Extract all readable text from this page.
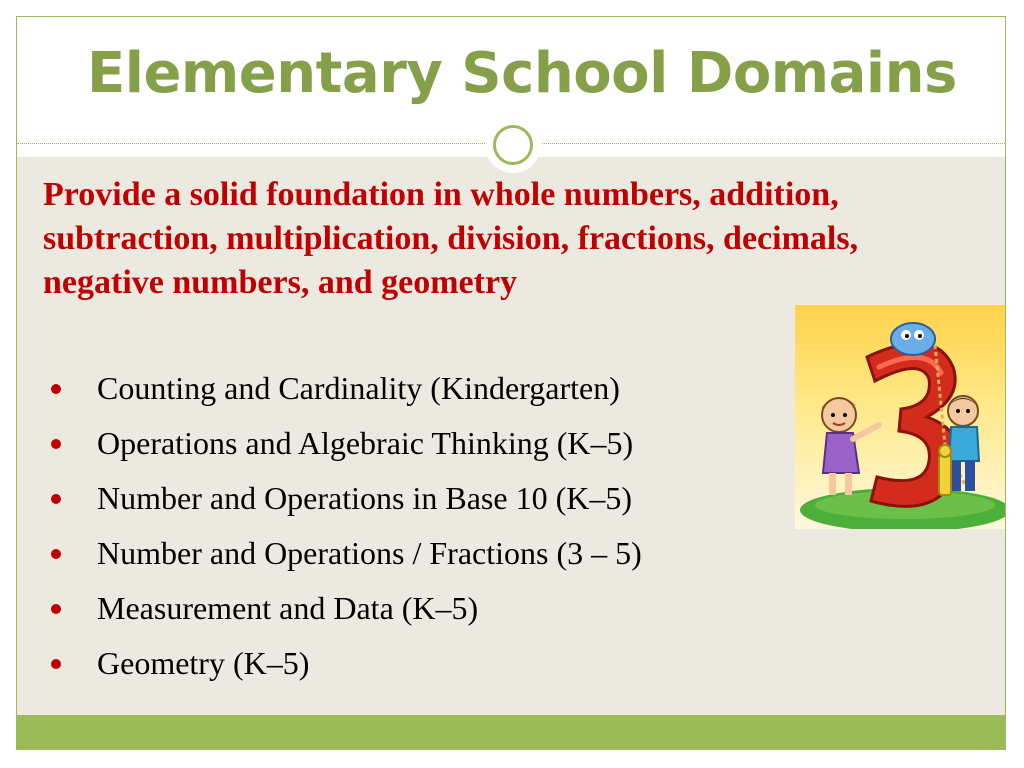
Elementary School Domains
Provide a solid foundation in whole numbers, addition, subtraction, multiplication, division, fractions, decimals, negative numbers, and geometry
Counting and Cardinality (Kindergarten)
Operations and Algebraic Thinking (K–5)
Number and Operations in Base 10 (K–5)
Number and Operations / Fractions (3 – 5)
Measurement and Data (K–5)
Geometry (K–5)
